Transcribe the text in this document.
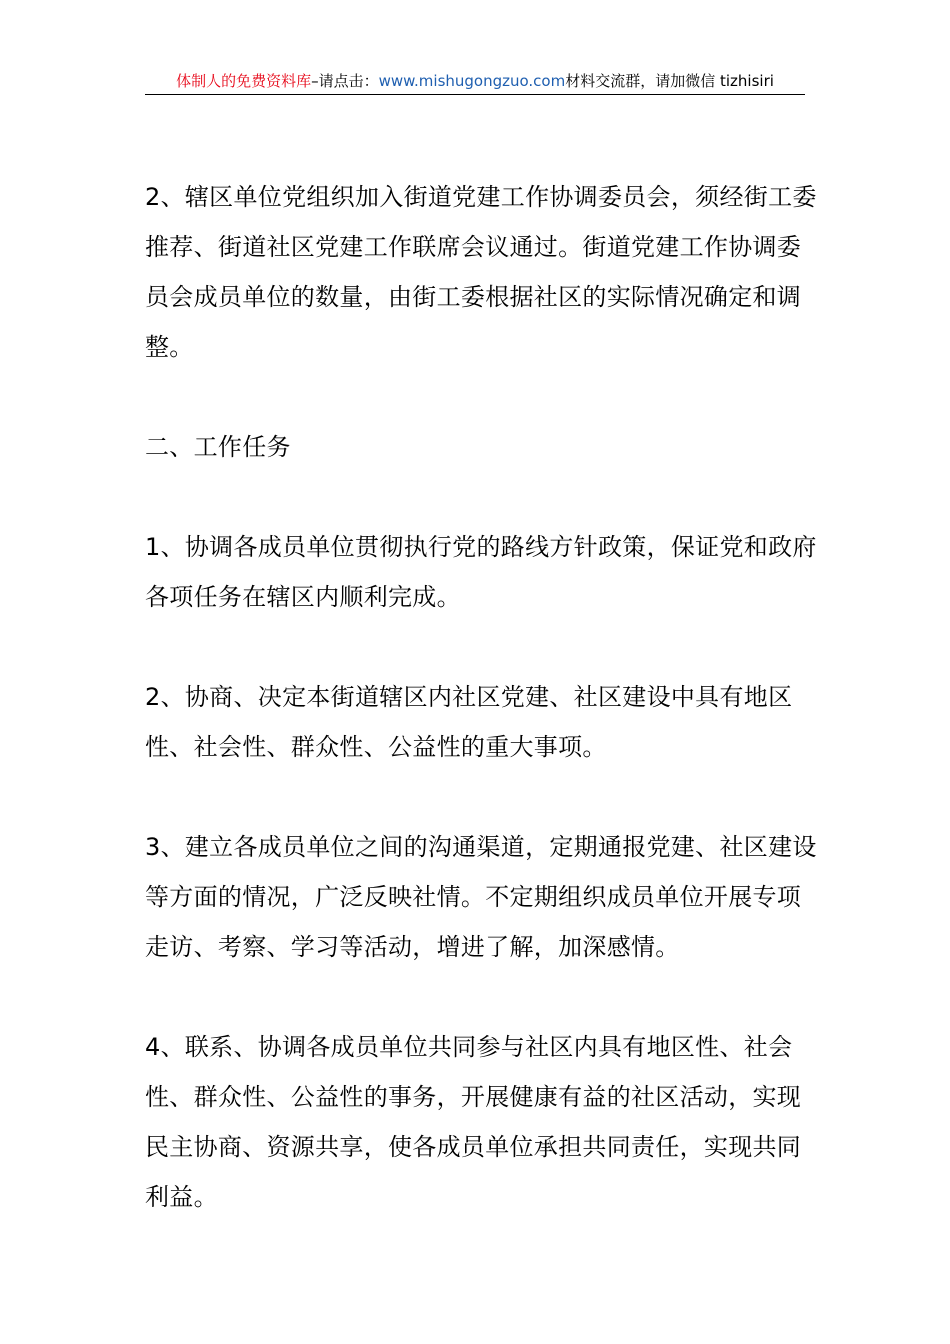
体制人的免费资料库–请点击：www.mishugongzuo.com材料交流群，请加微信 tizhisiri

2、辖区单位党组织加入街道党建工作协调委员会，须经街工委推荐、街道社区党建工作联席会议通过。街道党建工作协调委员会成员单位的数量，由街工委根据社区的实际情况确定和调整。

二、工作任务

1、协调各成员单位贯彻执行党的路线方针政策，保证党和政府各项任务在辖区内顺利完成。

2、协商、决定本街道辖区内社区党建、社区建设中具有地区性、社会性、群众性、公益性的重大事项。

3、建立各成员单位之间的沟通渠道，定期通报党建、社区建设等方面的情况，广泛反映社情。不定期组织成员单位开展专项走访、考察、学习等活动，增进了解，加深感情。

4、联系、协调各成员单位共同参与社区内具有地区性、社会性、群众性、公益性的事务，开展健康有益的社区活动，实现民主协商、资源共享，使各成员单位承担共同责任，实现共同利益。
